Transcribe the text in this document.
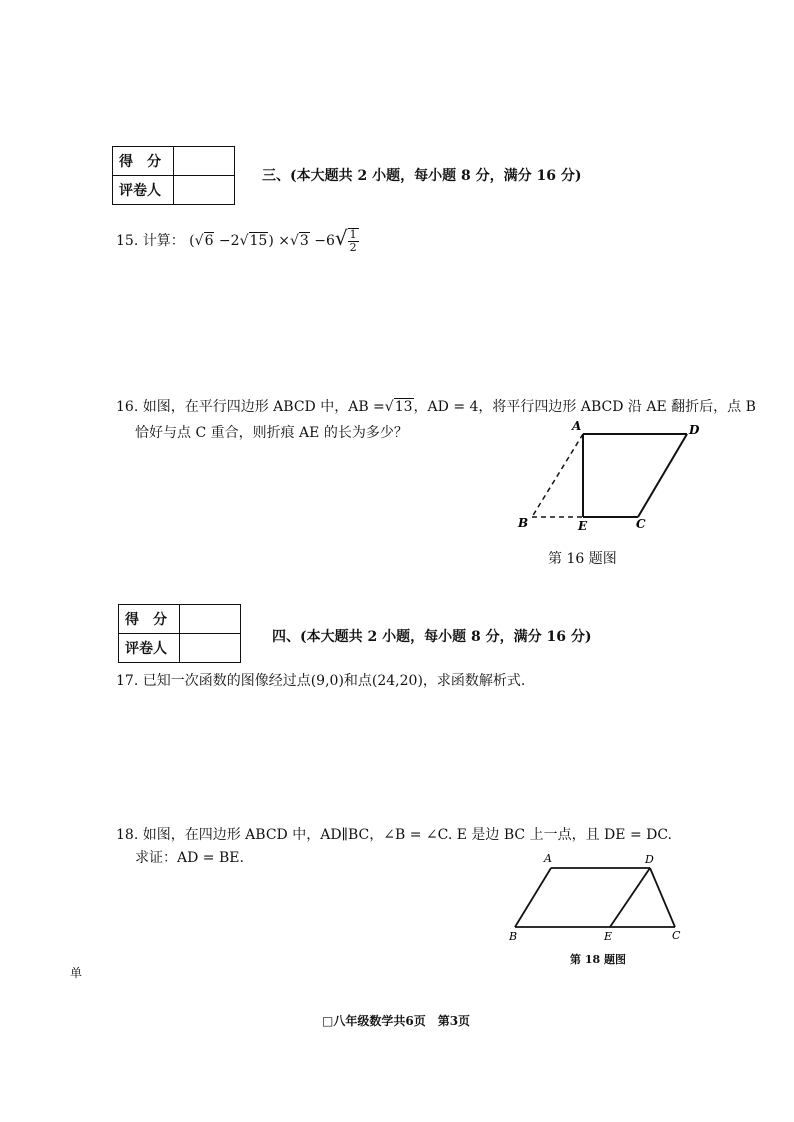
得　分	
评卷人	
三、(本大题共 2 小题，每小题 8 分，满分 16 分)
15. 计算： $(√6 -2√15) \times√3 -6√ \frac{1}{2}$
16. 如图，在平行四边形 ABCD 中，AB =√13，AD = 4，将平行四边形 ABCD 沿 AE 翻折后，点 B
恰好与点 C 重合，则折痕 AE 的长为多少？	A	D
B	E	C
第 16 题图
得　分	
评卷人	
四、(本大题共 2 小题，每小题 8 分，满分 16 分)
17. 已知一次函数的图像经过点(9,0)和点(24,20)，求函数解析式.
18. 如图，在四边形 ABCD 中，AD∥BC，∠B = ∠C. E 是边 BC 上一点，且 DE = DC.
求证：AD = BE.	A	D
B	E	C
第 18 题图
单
□八年级数学共6页　第3页
